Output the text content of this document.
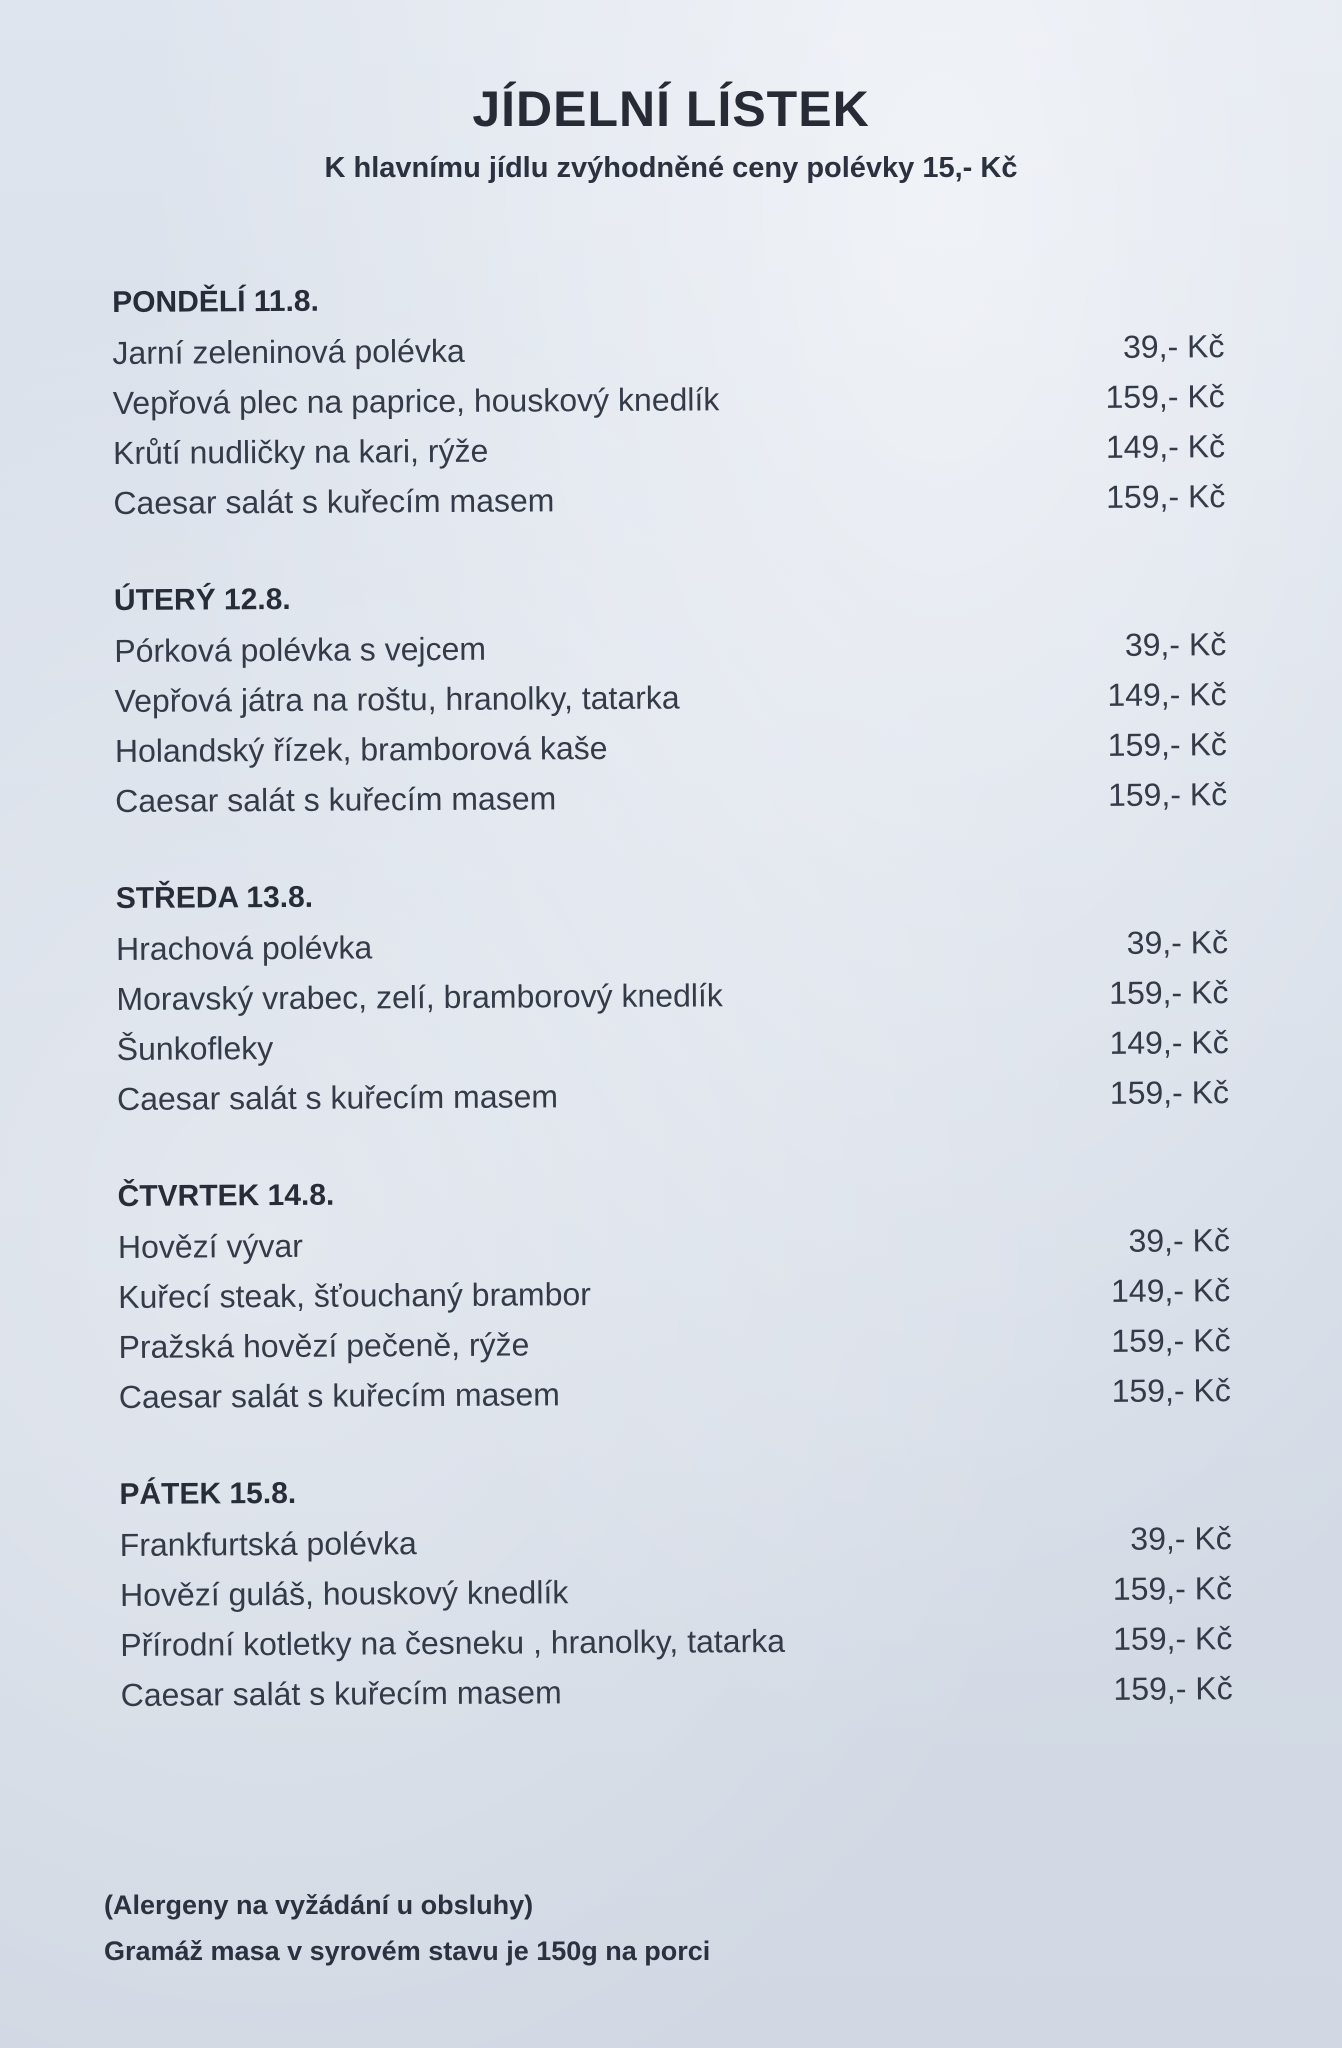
JÍDELNÍ LÍSTEK
K hlavnímu jídlu zvýhodněné ceny polévky 15,- Kč
PONDĚLÍ 11.8.
Jarní zeleninová polévka	39,- Kč
Vepřová plec na paprice, houskový knedlík	159,- Kč
Krůtí nudličky na kari, rýže	149,- Kč
Caesar salát s kuřecím masem	159,- Kč
ÚTERÝ 12.8.
Pórková polévka s vejcem	39,- Kč
Vepřová játra na roštu, hranolky, tatarka	149,- Kč
Holandský řízek, bramborová kaše	159,- Kč
Caesar salát s kuřecím masem	159,- Kč
STŘEDA 13.8.
Hrachová polévka	39,- Kč
Moravský vrabec, zelí, bramborový knedlík	159,- Kč
Šunkofleky	149,- Kč
Caesar salát s kuřecím masem	159,- Kč
ČTVRTEK 14.8.
Hovězí vývar	39,- Kč
Kuřecí steak, šťouchaný brambor	149,- Kč
Pražská hovězí pečeně, rýže	159,- Kč
Caesar salát s kuřecím masem	159,- Kč
PÁTEK 15.8.
Frankfurtská polévka	39,- Kč
Hovězí guláš, houskový knedlík	159,- Kč
Přírodní kotletky na česneku , hranolky, tatarka	159,- Kč
Caesar salát s kuřecím masem	159,- Kč
(Alergeny na vyžádání u obsluhy)
Gramáž masa v syrovém stavu je 150g na porci
